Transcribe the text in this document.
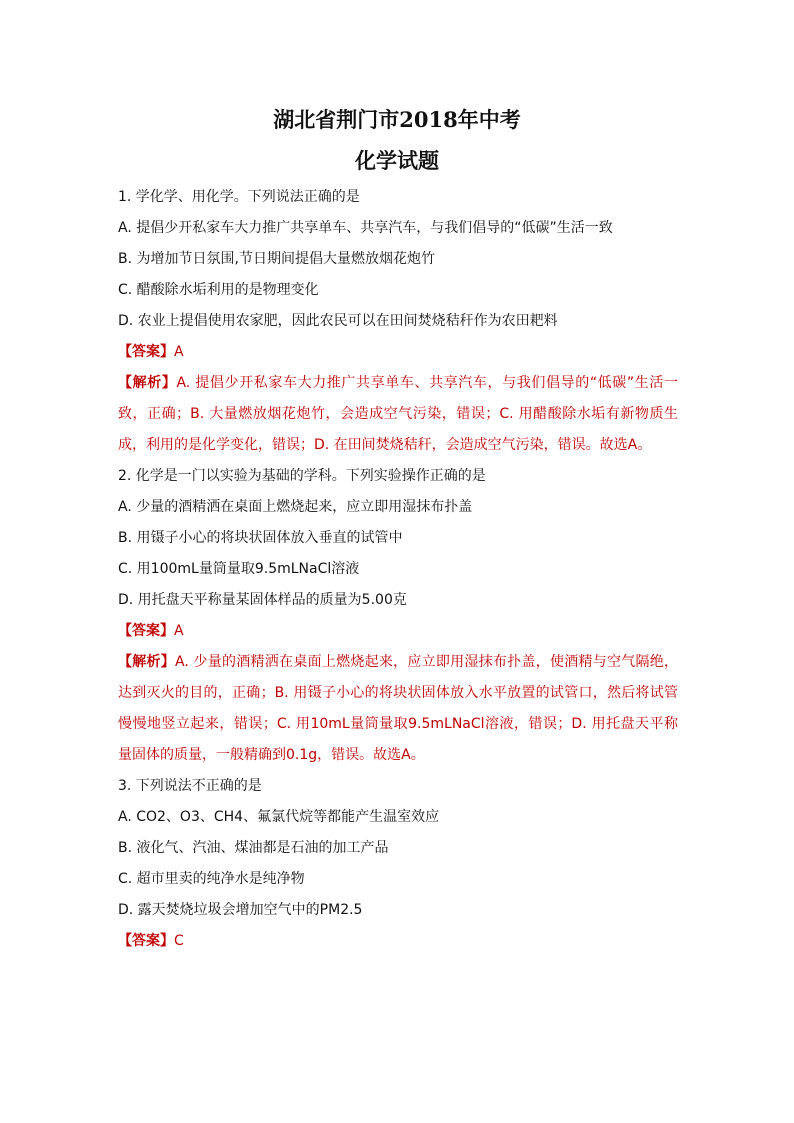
湖北省荆门市2018年中考
化学试题
1. 学化学、用化学。下列说法正确的是
A. 提倡少开私家车大力推广共享单车、共享汽车，与我们倡导的“低碳”生活一致
B. 为增加节日氛围,节日期间提倡大量燃放烟花炮竹
C. 醋酸除水垢利用的是物理变化
D. 农业上提倡使用农家肥，因此农民可以在田间焚烧秸秆作为农田耙料
【答案】A
【解析】A. 提倡少开私家车大力推广共享单车、共享汽车，与我们倡导的“低碳”生活一致，正确；B. 大量燃放烟花炮竹，会造成空气污染，错误；C. 用醋酸除水垢有新物质生成，利用的是化学变化，错误；D. 在田间焚烧秸秆，会造成空气污染，错误。故选A。
2. 化学是一门以实验为基础的学科。下列实验操作正确的是
A. 少量的酒精洒在桌面上燃烧起来，应立即用湿抹布扑盖
B. 用镊子小心的将块状固体放入垂直的试管中
C. 用100mL量筒量取9.5mLNaCl溶液
D. 用托盘天平称量某固体样品的质量为5.00克
【答案】A
【解析】A. 少量的酒精洒在桌面上燃烧起来，应立即用湿抹布扑盖，使酒精与空气隔绝，达到灭火的目的，正确；B. 用镊子小心的将块状固体放入水平放置的试管口，然后将试管慢慢地竖立起来，错误；C. 用10mL量筒量取9.5mLNaCl溶液，错误；D. 用托盘天平称量固体的质量，一般精确到0.1g，错误。故选A。
3. 下列说法不正确的是
A. CO2、O3、CH4、氟氯代烷等都能产生温室效应
B. 液化气、汽油、煤油都是石油的加工产品
C. 超市里卖的纯净水是纯净物
D. 露天焚烧垃圾会增加空气中的PM2.5
【答案】C
